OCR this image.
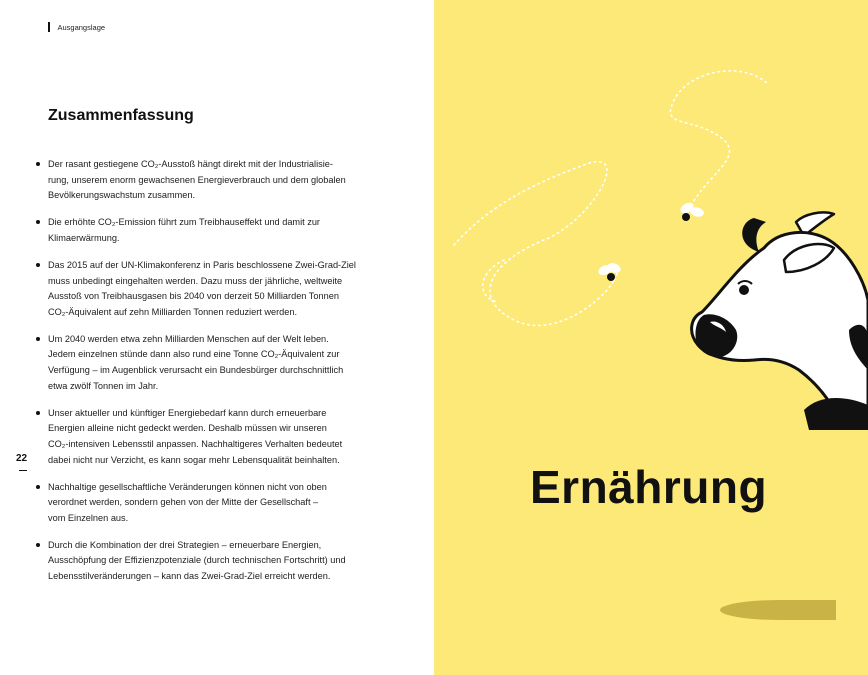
Ausgangslage
Zusammenfassung
Der rasant gestiegene CO₂-Ausstoß hängt direkt mit der Industrialisie-
rung, unserem enorm gewachsenen Energieverbrauch und dem globalen
Bevölkerungswachstum zusammen.
Die erhöhte CO₂-Emission führt zum Treibhauseffekt und damit zur
Klimaerwärmung.
Das 2015 auf der UN-Klimakonferenz in Paris beschlossene Zwei-Grad-Ziel
muss unbedingt eingehalten werden. Dazu muss der jährliche, weltweite
Ausstoß von Treibhausgasen bis 2040 von derzeit 50 Milliarden Tonnen
CO₂-Äquivalent auf zehn Milliarden Tonnen reduziert werden.
Um 2040 werden etwa zehn Milliarden Menschen auf der Welt leben.
Jedem einzelnen stünde dann also rund eine Tonne CO₂-Äquivalent zur
Verfügung – im Augenblick verursacht ein Bundesbürger durchschnittlich
etwa zwölf Tonnen im Jahr.
Unser aktueller und künftiger Energiebedarf kann durch erneuerbare
Energien alleine nicht gedeckt werden. Deshalb müssen wir unseren
CO₂-intensiven Lebensstil anpassen. Nachhaltigeres Verhalten bedeutet
dabei nicht nur Verzicht, es kann sogar mehr Lebensqualität beinhalten.
Nachhaltige gesellschaftliche Veränderungen können nicht von oben
verordnet werden, sondern gehen von der Mitte der Gesellschaft –
vom Einzelnen aus.
Durch die Kombination der drei Strategien – erneuerbare Energien,
Ausschöpfung der Effizienzpotenziale (durch technischen Fortschritt) und
Lebensstilveränderungen – kann das Zwei-Grad-Ziel erreicht werden.
22
Ernährung
